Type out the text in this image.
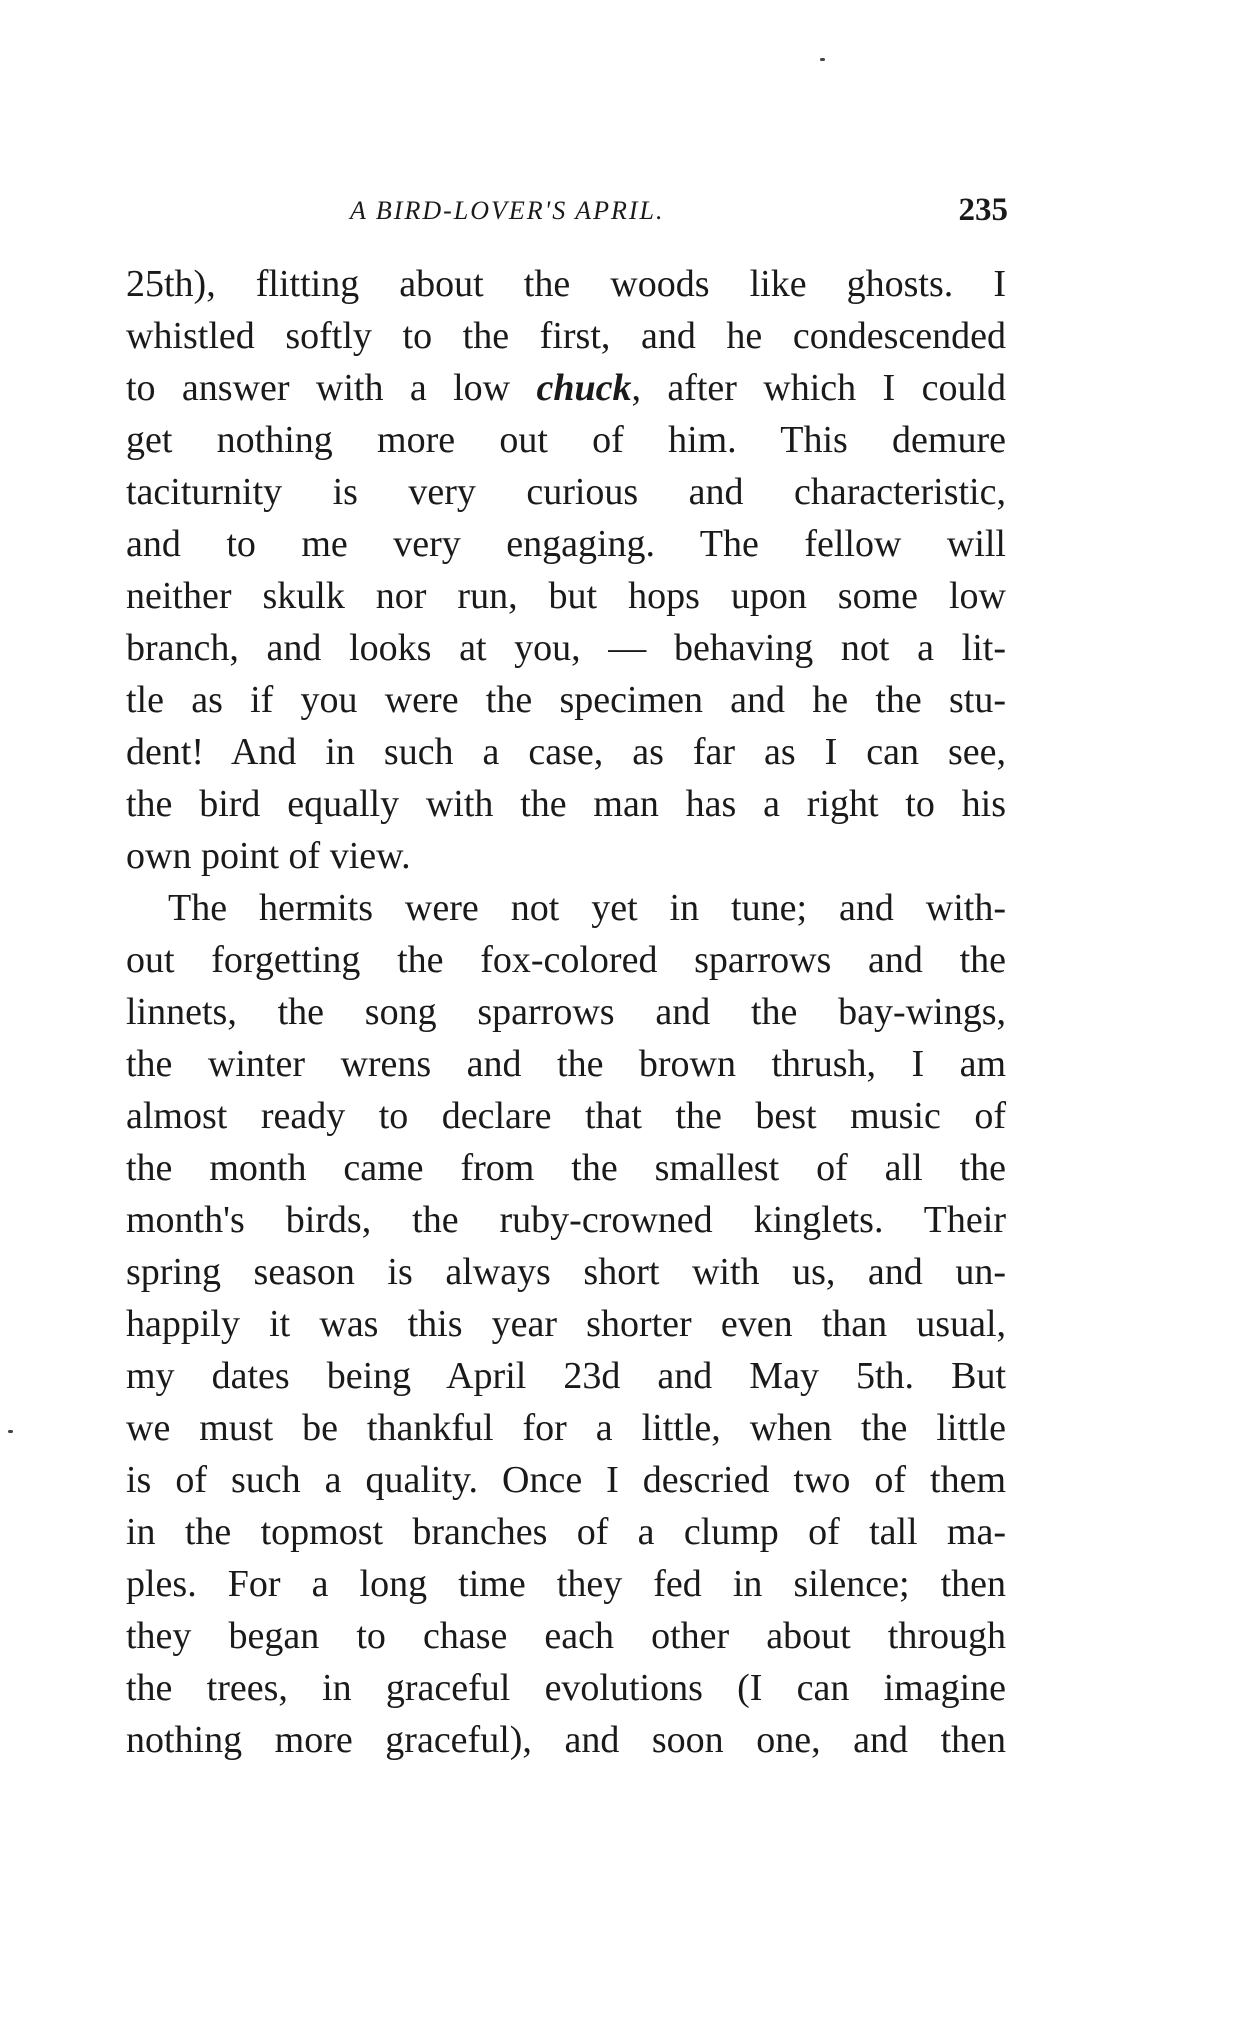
A BIRD-LOVER'S APRIL.	235
25th), flitting about the woods like ghosts. I
whistled softly to the first, and he condescended
to answer with a low chuck, after which I could
get nothing more out of him. This demure
taciturnity is very curious and characteristic,
and to me very engaging. The fellow will
neither skulk nor run, but hops upon some low
branch, and looks at you, — behaving not a lit-
tle as if you were the specimen and he the stu-
dent! And in such a case, as far as I can see,
the bird equally with the man has a right to his
own point of view.
The hermits were not yet in tune; and with-
out forgetting the fox-colored sparrows and the
linnets, the song sparrows and the bay-wings,
the winter wrens and the brown thrush, I am
almost ready to declare that the best music of
the month came from the smallest of all the
month's birds, the ruby-crowned kinglets. Their
spring season is always short with us, and un-
happily it was this year shorter even than usual,
my dates being April 23d and May 5th. But
we must be thankful for a little, when the little
is of such a quality. Once I descried two of them
in the topmost branches of a clump of tall ma-
ples. For a long time they fed in silence; then
they began to chase each other about through
the trees, in graceful evolutions (I can imagine
nothing more graceful), and soon one, and then
